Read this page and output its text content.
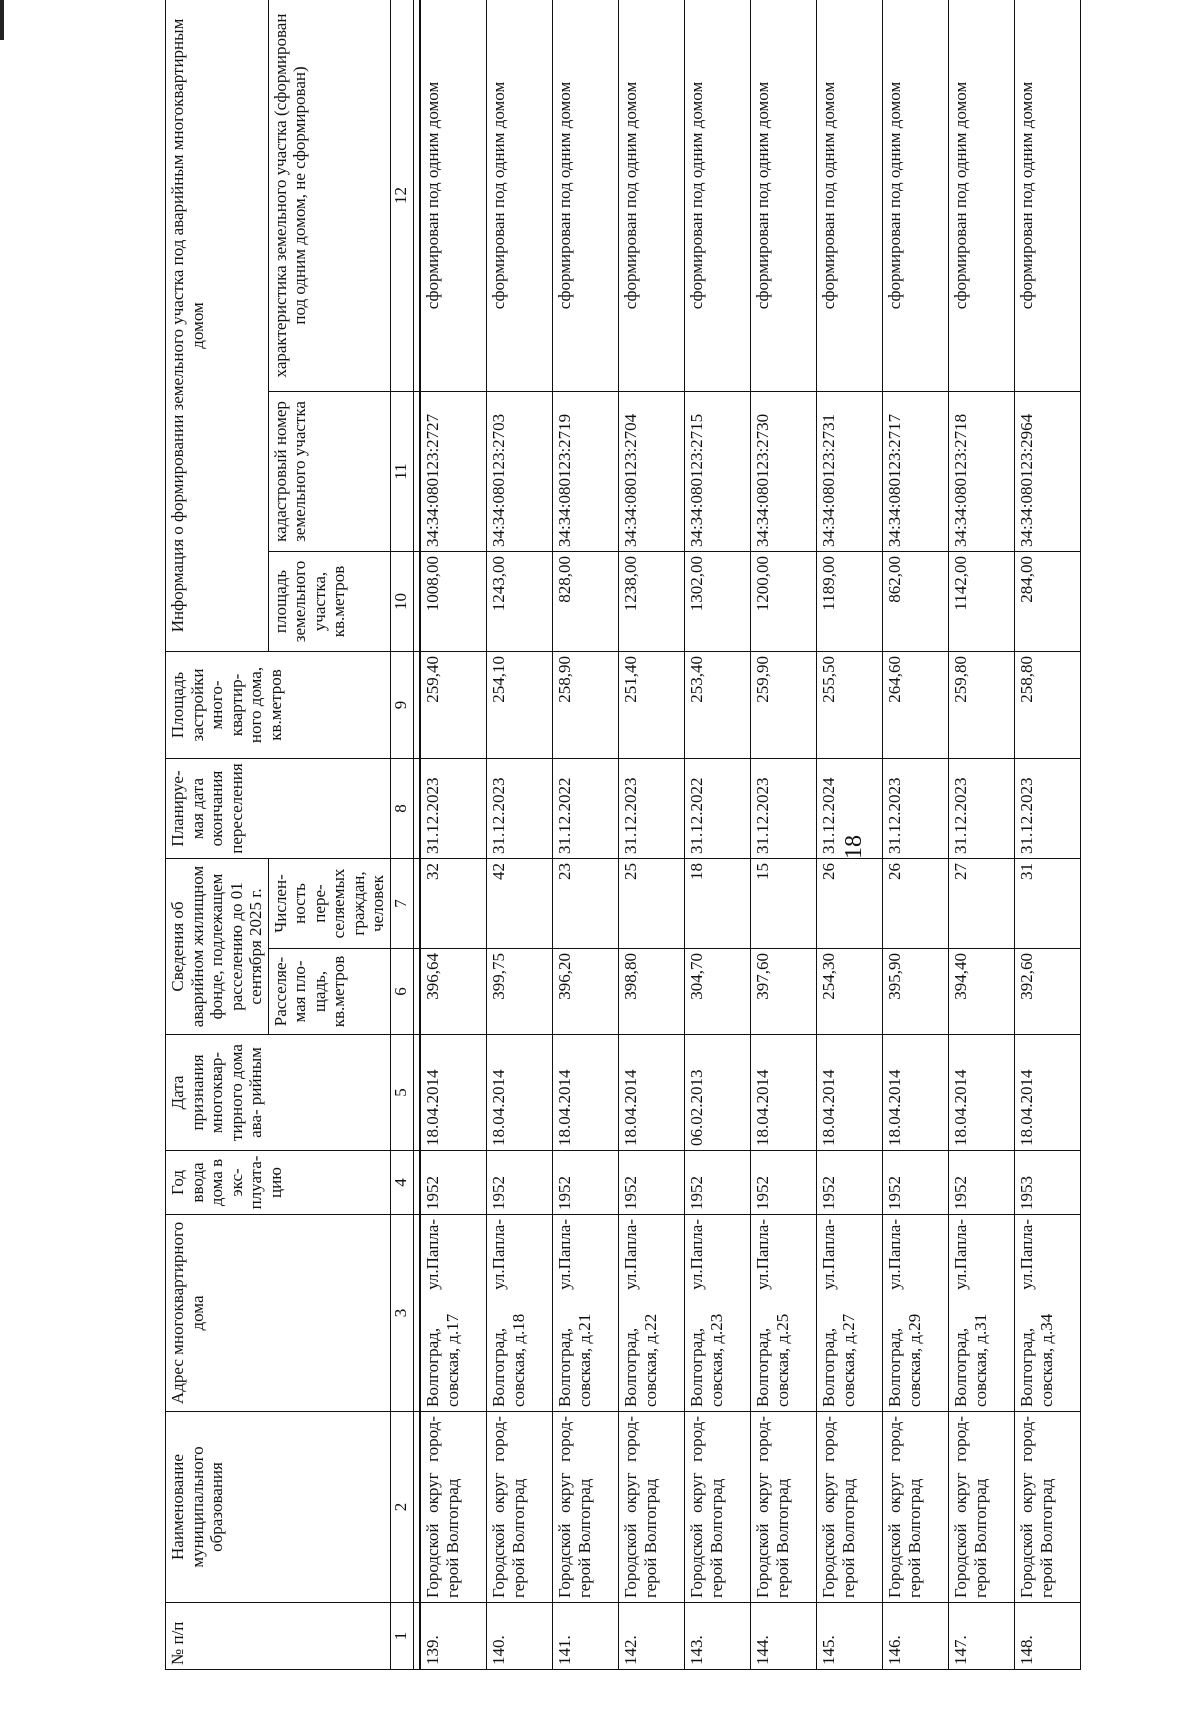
18
№ п/п	Наименование муниципального образования	Адрес многоквартирного дома	Год ввода дома в экс- плуата- цию	Дата признания многоквар- тирного дома ава- рийным	Сведения об аварийном жилищном фонде, подлежащем расселению до 01 сентября 2025 г.		Планируе- мая дата окончания переселения	Площадь застройки много- квартир- ного дома, кв.метров	Информация о формировании земельного участка под аварийным многоквартирным домом		
					Расселяе- мая пло- щадь, кв.метров	Числен- ность пере- селяемых граждан, человек			площадь земельного участка, кв.метров	кадастровый номер земельного участка	характеристика земельного участка (сформирован под одним домом, не сформирован)
1	2	3	4	5	6	7	8	9	10	11	12

139.	Городской округ город-герой Волгоград	Волгоград, ул.Папла-совская, д.17	1952	18.04.2014	396,64	32	31.12.2023	259,40	1008,00	34:34:080123:2727	сформирован под одним домом
140.	Городской округ город-герой Волгоград	Волгоград, ул.Папла-совская, д.18	1952	18.04.2014	399,75	42	31.12.2023	254,10	1243,00	34:34:080123:2703	сформирован под одним домом
141.	Городской округ город-герой Волгоград	Волгоград, ул.Папла-совская, д.21	1952	18.04.2014	396,20	23	31.12.2022	258,90	828,00	34:34:080123:2719	сформирован под одним домом
142.	Городской округ город-герой Волгоград	Волгоград, ул.Папла-совская, д.22	1952	18.04.2014	398,80	25	31.12.2023	251,40	1238,00	34:34:080123:2704	сформирован под одним домом
143.	Городской округ город-герой Волгоград	Волгоград, ул.Папла-совская, д.23	1952	06.02.2013	304,70	18	31.12.2022	253,40	1302,00	34:34:080123:2715	сформирован под одним домом
144.	Городской округ город-герой Волгоград	Волгоград, ул.Папла-совская, д.25	1952	18.04.2014	397,60	15	31.12.2023	259,90	1200,00	34:34:080123:2730	сформирован под одним домом
145.	Городской округ город-герой Волгоград	Волгоград, ул.Папла-совская, д.27	1952	18.04.2014	254,30	26	31.12.2024	255,50	1189,00	34:34:080123:2731	сформирован под одним домом
146.	Городской округ город-герой Волгоград	Волгоград, ул.Папла-совская, д.29	1952	18.04.2014	395,90	26	31.12.2023	264,60	862,00	34:34:080123:2717	сформирован под одним домом
147.	Городской округ город-герой Волгоград	Волгоград, ул.Папла-совская, д.31	1952	18.04.2014	394,40	27	31.12.2023	259,80	1142,00	34:34:080123:2718	сформирован под одним домом
148.	Городской округ город-герой Волгоград	Волгоград, ул.Папла-совская, д.34	1953	18.04.2014	392,60	31	31.12.2023	258,80	284,00	34:34:080123:2964	сформирован под одним домом
